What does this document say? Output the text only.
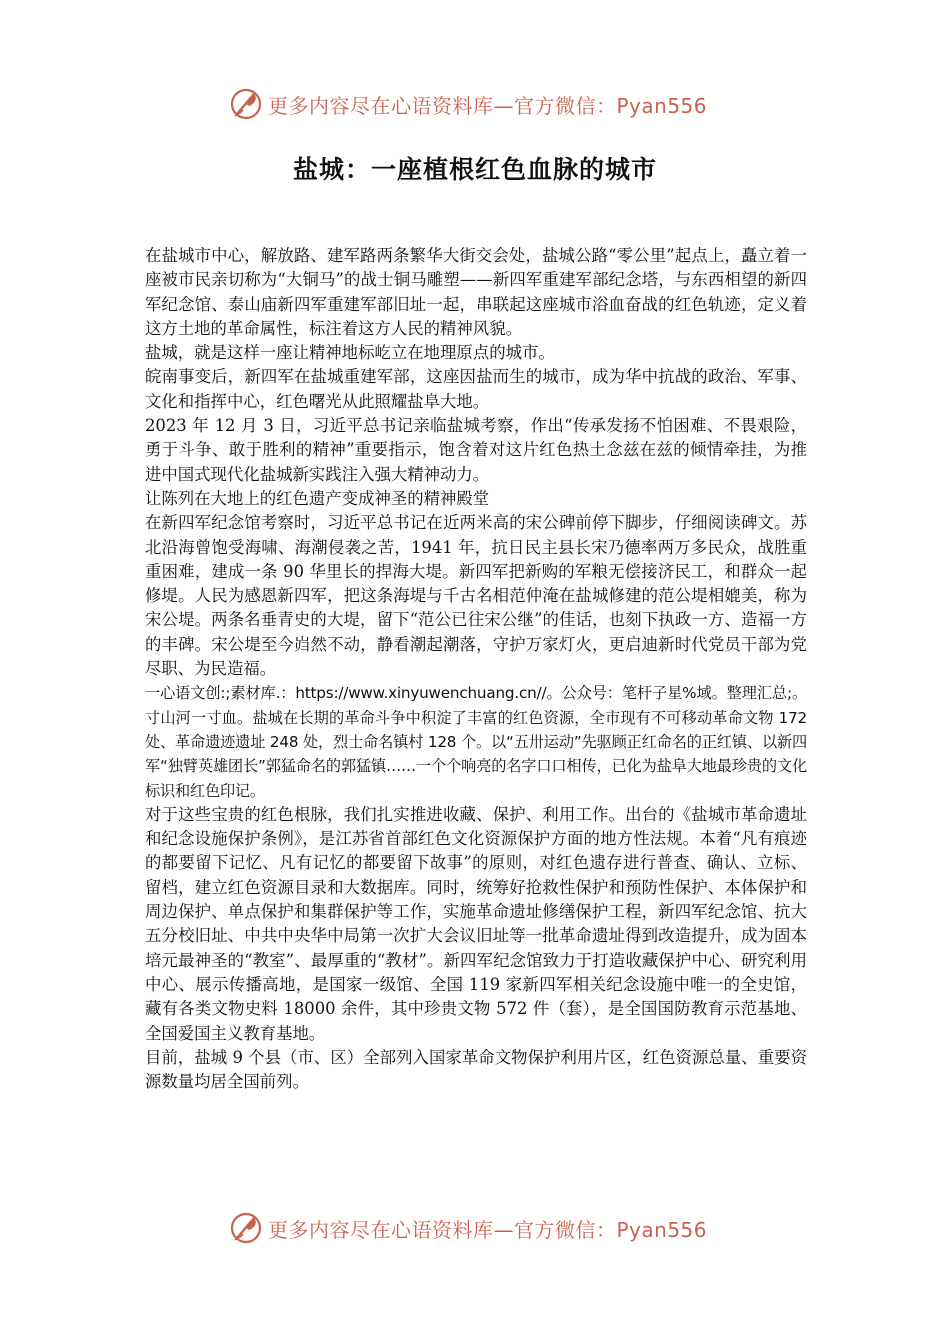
更多内容尽在心语资料库—官方微信：Pyan556
盐城：一座植根红色血脉的城市

在盐城市中心，解放路、建军路两条繁华大街交会处，盐城公路“零公里”起点上，矗立着一座被市民亲切称为“大铜马”的战士铜马雕塑——新四军重建军部纪念塔，与东西相望的新四军纪念馆、泰山庙新四军重建军部旧址一起，串联起这座城市浴血奋战的红色轨迹，定义着这方土地的革命属性，标注着这方人民的精神风貌。

盐城，就是这样一座让精神地标屹立在地理原点的城市。

皖南事变后，新四军在盐城重建军部，这座因盐而生的城市，成为华中抗战的政治、军事、文化和指挥中心，红色曙光从此照耀盐阜大地。

2023 年 12 月 3 日，习近平总书记亲临盐城考察，作出“传承发扬不怕困难、不畏艰险，勇于斗争、敢于胜利的精神”重要指示，饱含着对这片红色热土念兹在兹的倾情牵挂，为推进中国式现代化盐城新实践注入强大精神动力。

让陈列在大地上的红色遗产变成神圣的精神殿堂

在新四军纪念馆考察时，习近平总书记在近两米高的宋公碑前停下脚步，仔细阅读碑文。苏北沿海曾饱受海啸、海潮侵袭之苦，1941 年，抗日民主县长宋乃德率两万多民众，战胜重重困难，建成一条 90 华里长的捍海大堤。新四军把新购的军粮无偿接济民工，和群众一起修堤。人民为感恩新四军，把这条海堤与千古名相范仲淹在盐城修建的范公堤相媲美，称为宋公堤。两条名垂青史的大堤，留下“范公已往宋公继”的佳话，也刻下执政一方、造福一方的丰碑。宋公堤至今岿然不动，静看潮起潮落，守护万家灯火，更启迪新时代党员干部为党尽职、为民造福。

一心语文创:;素材库.：https://www.xinyuwenchuang.cn//。公众号：笔杆子星%域。整理汇总;。寸山河一寸血。盐城在长期的革命斗争中积淀了丰富的红色资源，全市现有不可移动革命文物 172 处、革命遗迹遗址 248 处，烈士命名镇村 128 个。以“五卅运动”先驱顾正红命名的正红镇、以新四军“独臂英雄团长”郭猛命名的郭猛镇……一个个响亮的名字口口相传，已化为盐阜大地最珍贵的文化标识和红色印记。

对于这些宝贵的红色根脉，我们扎实推进收藏、保护、利用工作。出台的《盐城市革命遗址和纪念设施保护条例》，是江苏省首部红色文化资源保护方面的地方性法规。本着“凡有痕迹的都要留下记忆、凡有记忆的都要留下故事”的原则，对红色遗存进行普查、确认、立标、留档，建立红色资源目录和大数据库。同时，统筹好抢救性保护和预防性保护、本体保护和周边保护、单点保护和集群保护等工作，实施革命遗址修缮保护工程，新四军纪念馆、抗大五分校旧址、中共中央华中局第一次扩大会议旧址等一批革命遗址得到改造提升，成为固本培元最神圣的“教室”、最厚重的“教材”。新四军纪念馆致力于打造收藏保护中心、研究利用中心、展示传播高地，是国家一级馆、全国 119 家新四军相关纪念设施中唯一的全史馆，藏有各类文物史料 18000 余件，其中珍贵文物 572 件（套），是全国国防教育示范基地、全国爱国主义教育基地。

目前，盐城 9 个县（市、区）全部列入国家革命文物保护利用片区，红色资源总量、重要资源数量均居全国前列。

更多内容尽在心语资料库—官方微信：Pyan556
